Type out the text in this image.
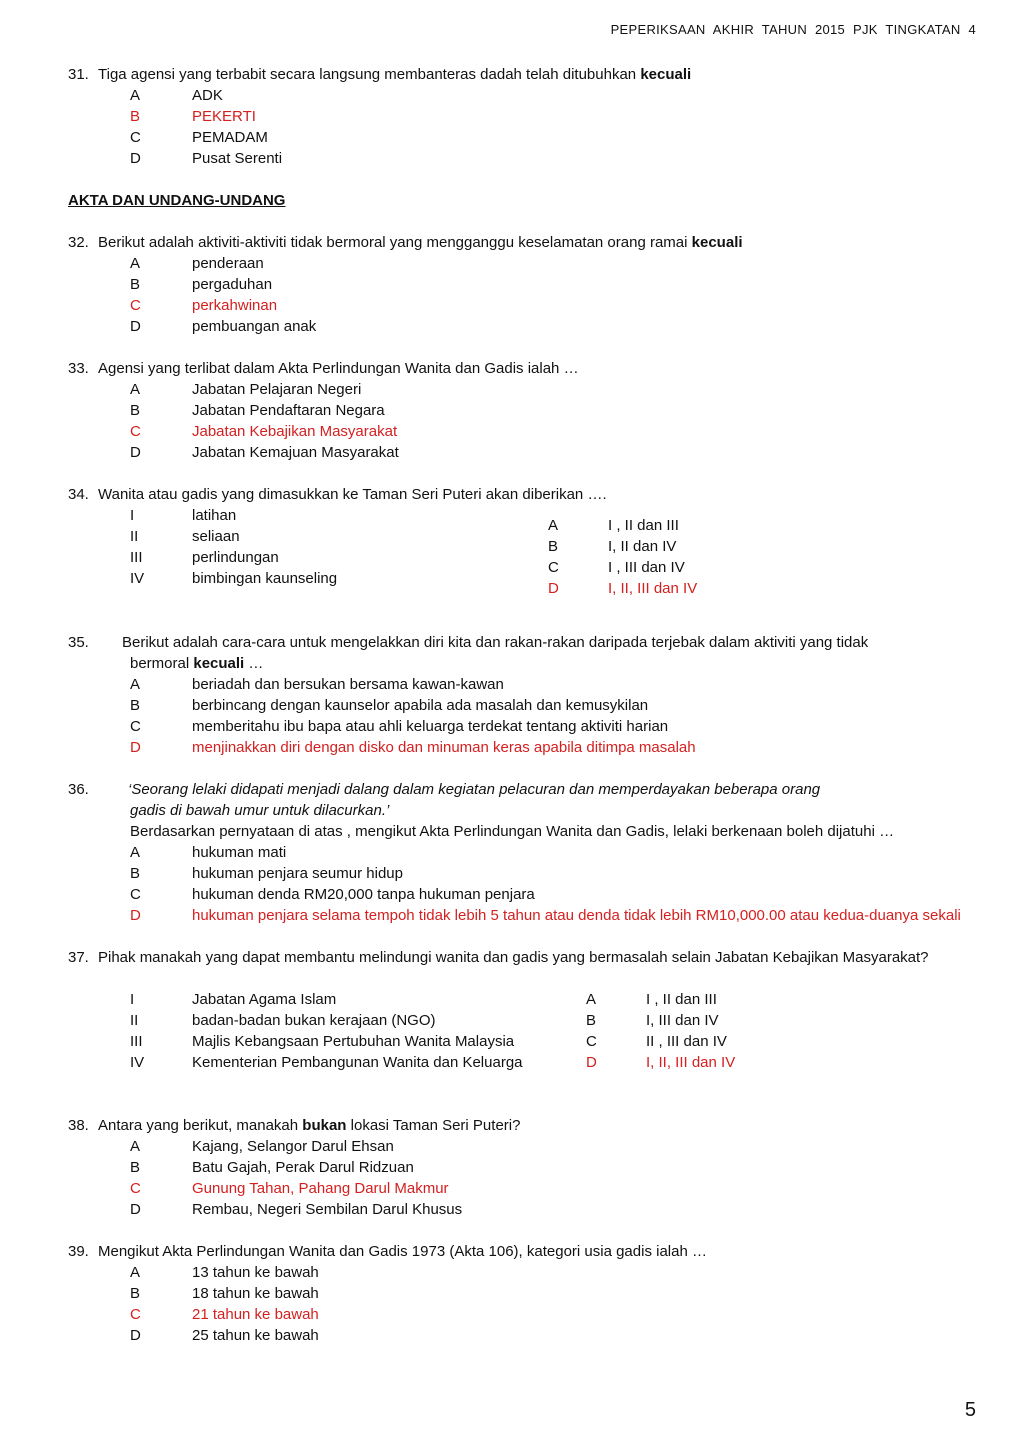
PEPERIKSAAN AKHIR TAHUN 2015 PJK TINGKATAN 4
31. Tiga agensi yang terbabit secara langsung membanteras dadah telah ditubuhkan kecuali
A	ADK
B	PEKERTI
C	PEMADAM
D	Pusat Serenti
AKTA DAN UNDANG-UNDANG
32. Berikut adalah aktiviti-aktiviti tidak bermoral yang mengganggu keselamatan orang ramai kecuali
A	penderaan
B	pergaduhan
C	perkahwinan
D	pembuangan anak
33. Agensi yang terlibat dalam Akta Perlindungan Wanita dan Gadis ialah …
A	Jabatan Pelajaran Negeri
B	Jabatan Pendaftaran Negara
C	Jabatan Kebajikan Masyarakat
D	Jabatan Kemajuan Masyarakat
34. Wanita atau gadis yang dimasukkan ke Taman Seri Puteri akan diberikan ….
I	latihan
II	seliaan
III	perlindungan
IV	bimbingan kaunseling
A	I , II dan III
B	I, II dan IV
C	I , III dan IV
D	I, II, III dan IV
35.	Berikut adalah cara-cara untuk mengelakkan diri kita dan rakan-rakan daripada terjebak dalam aktiviti yang tidak
bermoral kecuali …
A	beriadah dan bersukan bersama kawan-kawan
B	berbincang dengan kaunselor apabila ada masalah dan kemusykilan
C	memberitahu ibu bapa atau ahli keluarga terdekat tentang aktiviti harian
D	menjinakkan diri dengan disko dan minuman keras apabila ditimpa masalah
36.	‘Seorang lelaki didapati menjadi dalang dalam kegiatan pelacuran dan memperdayakan beberapa orang
gadis di bawah umur untuk dilacurkan.’
Berdasarkan pernyataan di atas , mengikut Akta Perlindungan Wanita dan Gadis, lelaki berkenaan boleh dijatuhi …
A	hukuman mati
B	hukuman penjara seumur hidup
C	hukuman denda RM20,000 tanpa hukuman penjara
D	hukuman penjara selama tempoh tidak lebih 5 tahun atau denda tidak lebih RM10,000.00 atau kedua-duanya sekali
37. Pihak manakah yang dapat membantu melindungi wanita dan gadis yang bermasalah selain Jabatan Kebajikan Masyarakat?
I	Jabatan Agama Islam
II	badan-badan bukan kerajaan (NGO)
III	Majlis Kebangsaan Pertubuhan Wanita Malaysia
IV	Kementerian Pembangunan Wanita dan Keluarga
A	I , II dan III
B	I, III dan IV
C	II , III dan IV
D	I, II, III dan IV
38. Antara yang berikut, manakah bukan lokasi Taman Seri Puteri?
A	Kajang, Selangor Darul Ehsan
B	Batu Gajah, Perak Darul Ridzuan
C	Gunung Tahan, Pahang Darul Makmur
D	Rembau, Negeri Sembilan Darul Khusus
39. Mengikut Akta Perlindungan Wanita dan Gadis 1973 (Akta 106), kategori usia gadis ialah …
A	13 tahun ke bawah
B	18 tahun ke bawah
C	21 tahun ke bawah
D	25 tahun ke bawah
5
